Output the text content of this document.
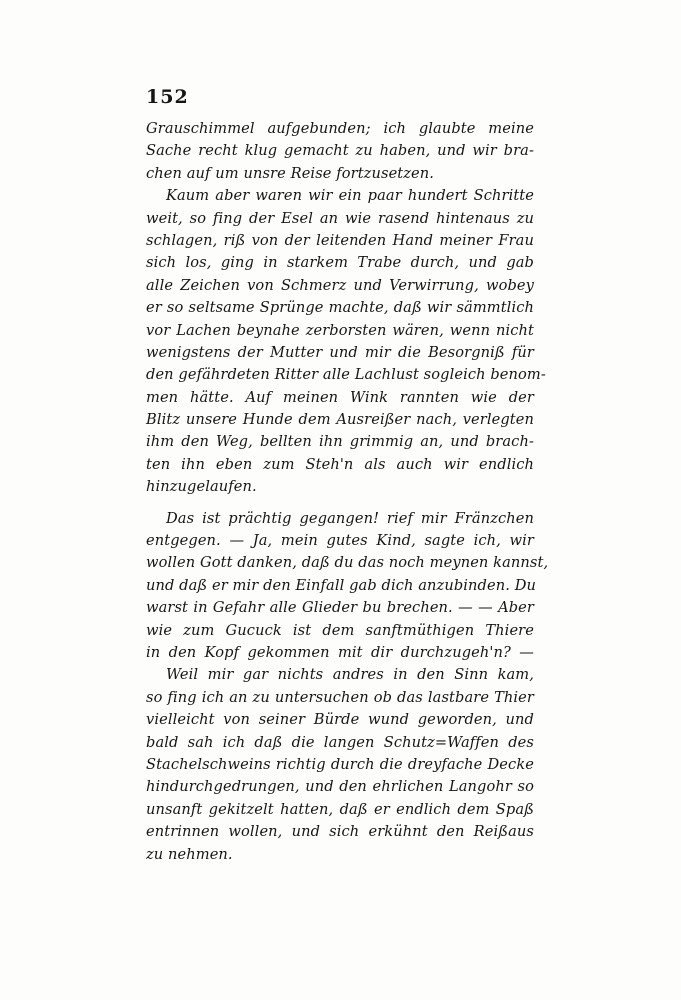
152
Grauschimmel aufgebunden; ich glaubte meine
Sache recht klug gemacht zu haben, und wir bra-
chen auf um unsre Reise fortzusetzen.
Kaum aber waren wir ein paar hundert Schritte
weit, so fing der Esel an wie rasend hintenaus zu
schlagen, riß von der leitenden Hand meiner Frau
sich los, ging in starkem Trabe durch, und gab
alle Zeichen von Schmerz und Verwirrung, wobey
er so seltsame Sprünge machte, daß wir sämmtlich
vor Lachen beynahe zerborsten wären, wenn nicht
wenigstens der Mutter und mir die Besorgniß für
den gefährdeten Ritter alle Lachlust sogleich benom-
men hätte. Auf meinen Wink rannten wie der
Blitz unsere Hunde dem Ausreißer nach, verlegten
ihm den Weg, bellten ihn grimmig an, und brach-
ten ihn eben zum Steh'n als auch wir endlich
hinzugelaufen.
Das ist prächtig gegangen! rief mir Fränzchen
entgegen. — Ja, mein gutes Kind, sagte ich, wir
wollen Gott danken, daß du das noch meynen kannst,
und daß er mir den Einfall gab dich anzubinden. Du
warst in Gefahr alle Glieder bu brechen. — — Aber
wie zum Gucuck ist dem sanftmüthigen Thiere
in den Kopf gekommen mit dir durchzugeh'n? —
Weil mir gar nichts andres in den Sinn kam,
so fing ich an zu untersuchen ob das lastbare Thier
vielleicht von seiner Bürde wund geworden, und
bald sah ich daß die langen Schutz=Waffen des
Stachelschweins richtig durch die dreyfache Decke
hindurchgedrungen, und den ehrlichen Langohr so
unsanft gekitzelt hatten, daß er endlich dem Spaß
entrinnen wollen, und sich erkühnt den Reißaus
zu nehmen.
